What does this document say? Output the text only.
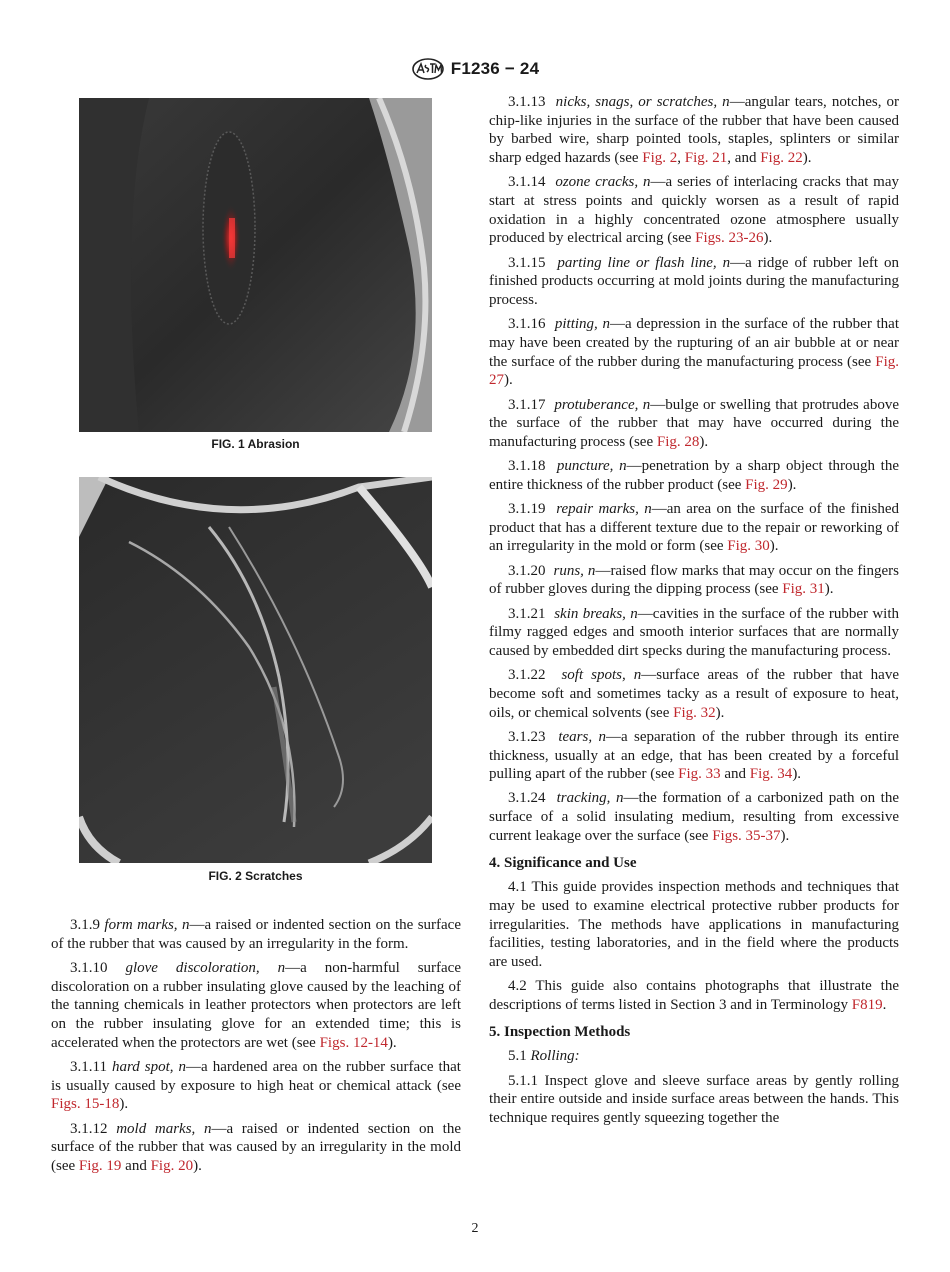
F1236 − 24
FIG. 1 Abrasion
FIG. 2 Scratches

3.1.13 nicks, snags, or scratches, n—angular tears, notches, or chip-like injuries in the surface of the rubber that have been caused by barbed wire, sharp pointed tools, staples, splinters or similar sharp edged hazards (see Fig. 2, Fig. 21, and Fig. 22).

3.1.14 ozone cracks, n—a series of interlacing cracks that may start at stress points and quickly worsen as a result of rapid oxidation in a highly concentrated ozone atmosphere usually produced by electrical arcing (see Figs. 23-26).

3.1.15 parting line or flash line, n—a ridge of rubber left on finished products occurring at mold joints during the manufacturing process.

3.1.16 pitting, n—a depression in the surface of the rubber that may have been created by the rupturing of an air bubble at or near the surface of the rubber during the manufacturing process (see Fig. 27).

3.1.17 protuberance, n—bulge or swelling that protrudes above the surface of the rubber that may have occurred during the manufacturing process (see Fig. 28).

3.1.18 puncture, n—penetration by a sharp object through the entire thickness of the rubber product (see Fig. 29).

3.1.19 repair marks, n—an area on the surface of the finished product that has a different texture due to the repair or reworking of an irregularity in the mold or form (see Fig. 30).

3.1.20 runs, n—raised flow marks that may occur on the fingers of rubber gloves during the dipping process (see Fig. 31).

3.1.21 skin breaks, n—cavities in the surface of the rubber with filmy ragged edges and smooth interior surfaces that are normally caused by embedded dirt specks during the manufacturing process.

3.1.22 soft spots, n—surface areas of the rubber that have become soft and sometimes tacky as a result of exposure to heat, oils, or chemical solvents (see Fig. 32).

3.1.23 tears, n—a separation of the rubber through its entire thickness, usually at an edge, that has been created by a forceful pulling apart of the rubber (see Fig. 33 and Fig. 34).

3.1.24 tracking, n—the formation of a carbonized path on the surface of a solid insulating medium, resulting from excessive current leakage over the surface (see Figs. 35-37).

4. Significance and Use

4.1 This guide provides inspection methods and techniques that may be used to examine electrical protective rubber products for irregularities. The methods have applications in manufacturing facilities, testing laboratories, and in the field where the products are used.

4.2 This guide also contains photographs that illustrate the descriptions of terms listed in Section 3 and in Terminology F819.

5. Inspection Methods

5.1 Rolling:

5.1.1 Inspect glove and sleeve surface areas by gently rolling their entire outside and inside surface areas between the hands. This technique requires gently squeezing together the

3.1.9 form marks, n—a raised or indented section on the surface of the rubber that was caused by an irregularity in the form.

3.1.10 glove discoloration, n—a non-harmful surface discoloration on a rubber insulating glove caused by the leaching of the tanning chemicals in leather protectors when protectors are left on the rubber insulating glove for an extended time; this is accelerated when the protectors are wet (see Figs. 12-14).

3.1.11 hard spot, n—a hardened area on the rubber surface that is usually caused by exposure to high heat or chemical attack (see Figs. 15-18).

3.1.12 mold marks, n—a raised or indented section on the surface of the rubber that was caused by an irregularity in the mold (see Fig. 19 and Fig. 20).

2
